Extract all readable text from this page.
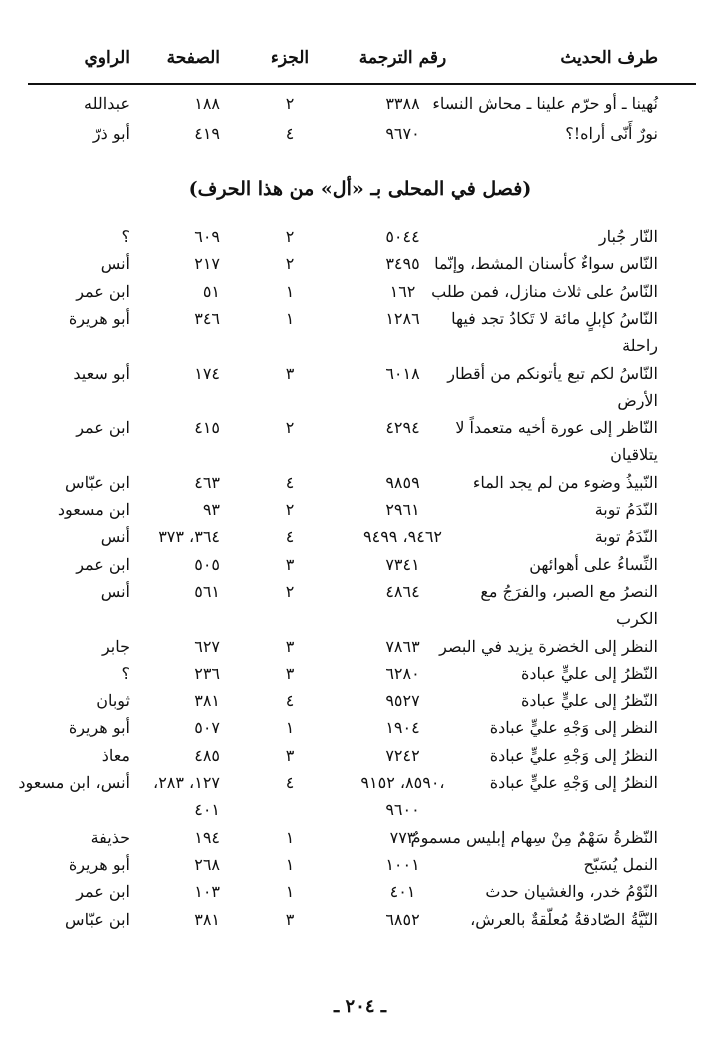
طرف الحديث
رقم الترجمة
الجزء
الصفحة
الراوي
نُهينا ـ أو حرّم علينا ـ محاش النساء
٣٣٨٨
٢
١٨٨
عبدالله
نورٌ أَنّى أراه!؟
٩٦٧٠
٤
٤١٩
أبو ذرّ
(فصل في المحلى بـ «أل» من هذا الحرف)
النّار جُبار
٥٠٤٤
٢
٦٠٩
؟
النّاس سواءٌ كأسنان المشط، وإنّما
٣٤٩٥
٢
٢١٧
أنس
النّاسُ على ثلاث منازل، فمن طلب
١٦٢
١
٥١
ابن عمر
النّاسُ كإبلٍ مائة لا تَكادُ تجد فيها
١٢٨٦
١
٣٤٦
أبو هريرة
راحلة
النّاسُ لكم تبع يأتونكم من أقطار
٦٠١٨
٣
١٧٤
أبو سعيد
الأرض
النّاظر إلى عورة أخيه متعمداً لا
٤٢٩٤
٢
٤١٥
ابن عمر
يتلاقيان
النّبيذُ وضوء من لم يجد الماء
٩٨٥٩
٤
٤٦٣
ابن عبّاس
النّدَمُ توبة
٢٩٦١
٢
٩٣
ابن مسعود
النّدَمُ توبة
٩٤٦٢، ٩٤٩٩
٤
٣٦٤، ٣٧٣
أنس
النِّساءُ على أهوائهن
٧٣٤١
٣
٥٠٥
ابن عمر
النصرُ مع الصبر، والفرَجُ مع
٤٨٦٤
٢
٥٦١
أنس
الكرب
النظر إلى الخضرة يزيد في البصر
٧٨٦٣
٣
٦٢٧
جابر
النّظرُ إلى عليٍّ عبادة
٦٢٨٠
٣
٢٣٦
؟
النّظرُ إلى عليٍّ عبادة
٩٥٢٧
٤
٣٨١
ثوبان
النظر إلى وَجْهِ عليٍّ عبادة
١٩٠٤
١
٥٠٧
أبو هريرة
النظرُ إلى وَجْهِ عليٍّ عبادة
٧٢٤٢
٣
٤٨٥
معاذ
النظرُ إلى وَجْهِ عليٍّ عبادة
٨٥٩٠، ٩١٥٢،
٤
١٢٧، ٢٨٣،
أنس، ابن مسعود
٩٦٠٠
٤٠١
النّظرةُ سَهْمٌ مِنْ سِهام إبليس مسمومٌ
٧٧٣
١
١٩٤
حذيفة
النمل يُسَبّح
١٠٠١
١
٢٦٨
أبو هريرة
النّوْمُ خدر، والغشيان حدث
٤٠١
١
١٠٣
ابن عمر
النّيَّةُ الصّادقةُ مُعلّقةٌ بالعرش،
٦٨٥٢
٣
٣٨١
ابن عبّاس
ـ ٢٠٤ ـ
